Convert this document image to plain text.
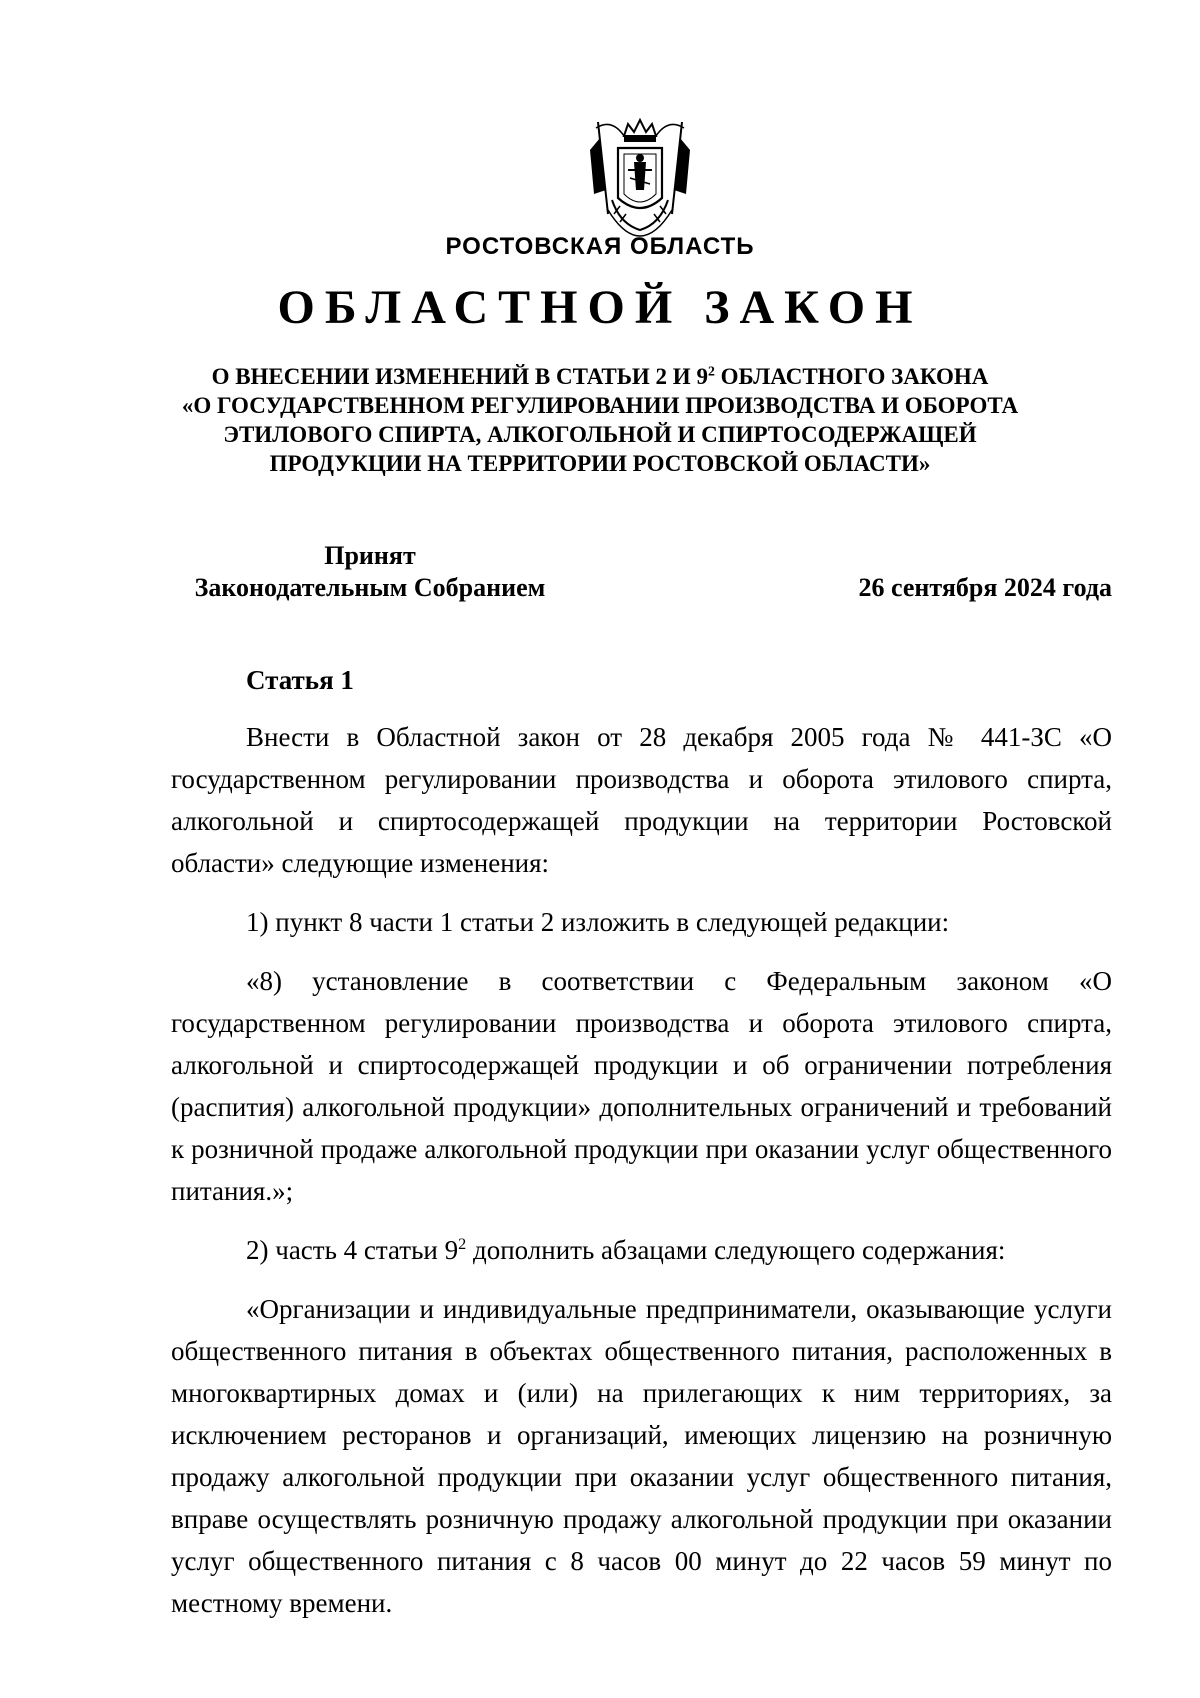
РОСТОВСКАЯ ОБЛАСТЬ
ОБЛАСТНОЙ ЗАКОН
О ВНЕСЕНИИ ИЗМЕНЕНИЙ В СТАТЬИ 2 И $9^2$ ОБЛАСТНОГО ЗАКОНА
«О ГОСУДАРСТВЕННОМ РЕГУЛИРОВАНИИ ПРОИЗВОДСТВА И ОБОРОТА
ЭТИЛОВОГО СПИРТА, АЛКОГОЛЬНОЙ И СПИРТОСОДЕРЖАЩЕЙ
ПРОДУКЦИИ НА ТЕРРИТОРИИ РОСТОВСКОЙ ОБЛАСТИ»
Принят
Законодательным Собранием	26 сентября 2024 года
Статья 1

Внести в Областной закон от 28 декабря 2005 года № 441-ЗС «О государственном регулировании производства и оборота этилового спирта, алкогольной и спиртосодержащей продукции на территории Ростовской области» следующие изменения:

1) пункт 8 части 1 статьи 2 изложить в следующей редакции:

«8) установление в соответствии с Федеральным законом «О государственном регулировании производства и оборота этилового спирта, алкогольной и спиртосодержащей продукции и об ограничении потребления (распития) алкогольной продукции» дополнительных ограничений и требований к розничной продаже алкогольной продукции при оказании услуг общественного питания.»;

2) часть 4 статьи $9^2$ дополнить абзацами следующего содержания:

«Организации и индивидуальные предприниматели, оказывающие услуги общественного питания в объектах общественного питания, расположенных в многоквартирных домах и (или) на прилегающих к ним территориях, за исключением ресторанов и организаций, имеющих лицензию на розничную продажу алкогольной продукции при оказании услуг общественного питания, вправе осуществлять розничную продажу алкогольной продукции при оказании услуг общественного питания с 8 часов 00 минут до 22 часов 59 минут по местному времени.
